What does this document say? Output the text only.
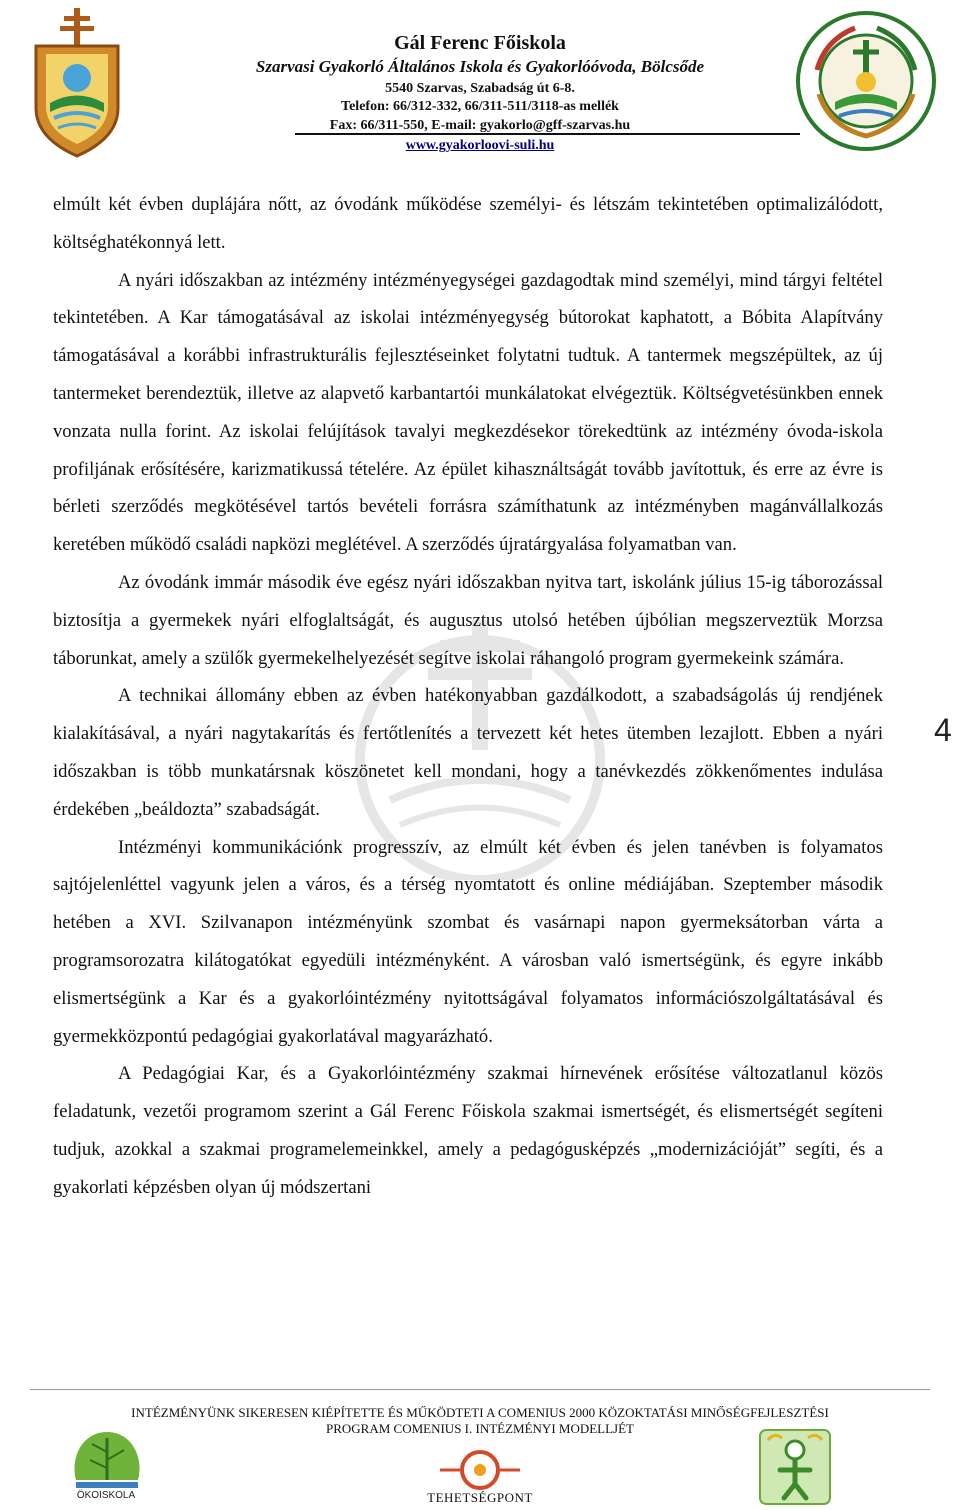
Gál Ferenc Főiskola
Szarvasi Gyakorló Általános Iskola és Gyakorlóóvoda, Bölcsőde
5540 Szarvas, Szabadság út 6-8.
Telefon: 66/312-332, 66/311-511/3118-as mellék
Fax: 66/311-550, E-mail: gyakorlo@gff-szarvas.hu
www.gyakorloovi-suli.hu

elmúlt két évben duplájára nőtt, az óvodánk működése személyi- és létszám tekintetében optimalizálódott, költséghatékonnyá lett.

A nyári időszakban az intézmény intézményegységei gazdagodtak mind személyi, mind tárgyi feltétel tekintetében. A Kar támogatásával az iskolai intézményegység bútorokat kaphatott, a Bóbita Alapítvány támogatásával a korábbi infrastrukturális fejlesztéseinket folytatni tudtuk. A tantermek megszépültek, az új tantermeket berendeztük, illetve az alapvető karbantartói munkálatokat elvégeztük. Költségvetésünkben ennek vonzata nulla forint. Az iskolai felújítások tavalyi megkezdésekor törekedtünk az intézmény óvoda-iskola profiljának erősítésére, karizmatikussá tételére. Az épület kihasználtságát tovább javítottuk, és erre az évre is bérleti szerződés megkötésével tartós bevételi forrásra számíthatunk az intézményben magánvállalkozás keretében működő családi napközi meglétével. A szerződés újratárgyalása folyamatban van.

Az óvodánk immár második éve egész nyári időszakban nyitva tart, iskolánk július 15-ig táborozással biztosítja a gyermekek nyári elfoglaltságát, és augusztus utolsó hetében újbólian megszerveztük Morzsa táborunkat, amely a szülők gyermekelhelyezését segítve iskolai ráhangoló program gyermekeink számára.

A technikai állomány ebben az évben hatékonyabban gazdálkodott, a szabadságolás új rendjének kialakításával, a nyári nagytakarítás és fertőtlenítés a tervezett két hetes ütemben lezajlott. Ebben a nyári időszakban is több munkatársnak köszönetet kell mondani, hogy a tanévkezdés zökkenőmentes indulása érdekében „beáldozta” szabadságát.

Intézményi kommunikációnk progresszív, az elmúlt két évben és jelen tanévben is folyamatos sajtójelenléttel vagyunk jelen a város, és a térség nyomtatott és online médiájában. Szeptember második hetében a XVI. Szilvanapon intézményünk szombat és vasárnapi napon gyermeksátorban várta a programsorozatra kilátogatókat egyedüli intézményként. A városban való ismertségünk, és egyre inkább elismertségünk a Kar és a gyakorlóintézmény nyitottságával folyamatos információszolgáltatásával és gyermekközpontú pedagógiai gyakorlatával magyarázható.

A Pedagógiai Kar, és a Gyakorlóintézmény szakmai hírnevének erősítése változatlanul közös feladatunk, vezetői programom szerint a Gál Ferenc Főiskola szakmai ismertségét, és elismertségét segíteni tudjuk, azokkal a szakmai programelemeinkkel, amely a pedagógusképzés „modernizációját” segíti, és a gyakorlati képzésben olyan új módszertani

4
INTÉZMÉNYÜNK SIKERESEN KIÉPÍTETTE ÉS MŰKÖDTETI A COMENIUS 2000 KÖZOKTATÁSI MINŐSÉGFEJLESZTÉSI
PROGRAM COMENIUS I. INTÉZMÉNYI MODELLJÉT
ÖKOISKOLA	TEHETSÉGPONT
